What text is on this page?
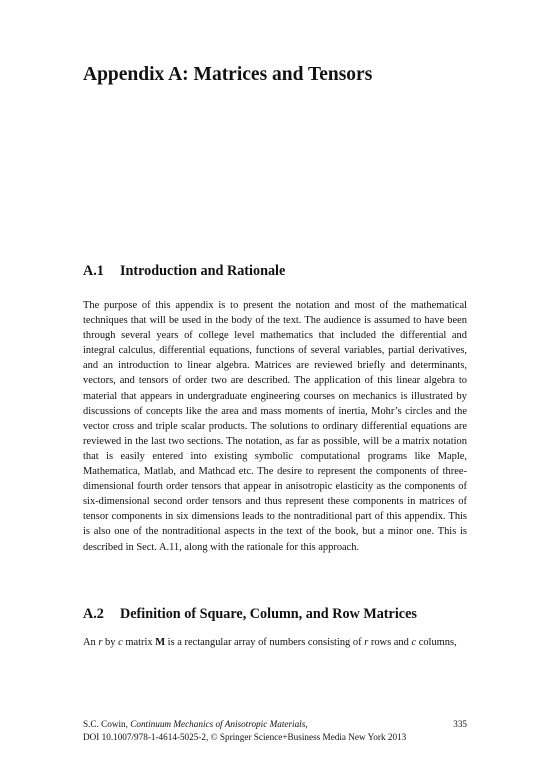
Appendix A: Matrices and Tensors
A.1 Introduction and Rationale

The purpose of this appendix is to present the notation and most of the mathematical techniques that will be used in the body of the text. The audience is assumed to have been through several years of college level mathematics that included the differential and integral calculus, differential equations, functions of several variables, partial derivatives, and an introduction to linear algebra. Matrices are reviewed briefly and determinants, vectors, and tensors of order two are described. The application of this linear algebra to material that appears in undergraduate engineering courses on mechanics is illustrated by discussions of concepts like the area and mass moments of inertia, Mohr’s circles and the vector cross and triple scalar products. The solutions to ordinary differential equations are reviewed in the last two sections. The notation, as far as possible, will be a matrix notation that is easily entered into existing symbolic computational programs like Maple, Mathematica, Matlab, and Mathcad etc. The desire to represent the components of three-dimensional fourth order tensors that appear in anisotropic elasticity as the components of six-dimensional second order tensors and thus represent these components in matrices of tensor components in six dimensions leads to the nontraditional part of this appendix. This is also one of the nontraditional aspects in the text of the book, but a minor one. This is described in Sect. A.11, along with the rationale for this approach.

A.2 Definition of Square, Column, and Row Matrices

An r by c matrix M is a rectangular array of numbers consisting of r rows and c columns,

S.C. Cowin, Continuum Mechanics of Anisotropic Materials,	335
DOI 10.1007/978-1-4614-5025-2, © Springer Science+Business Media New York 2013
